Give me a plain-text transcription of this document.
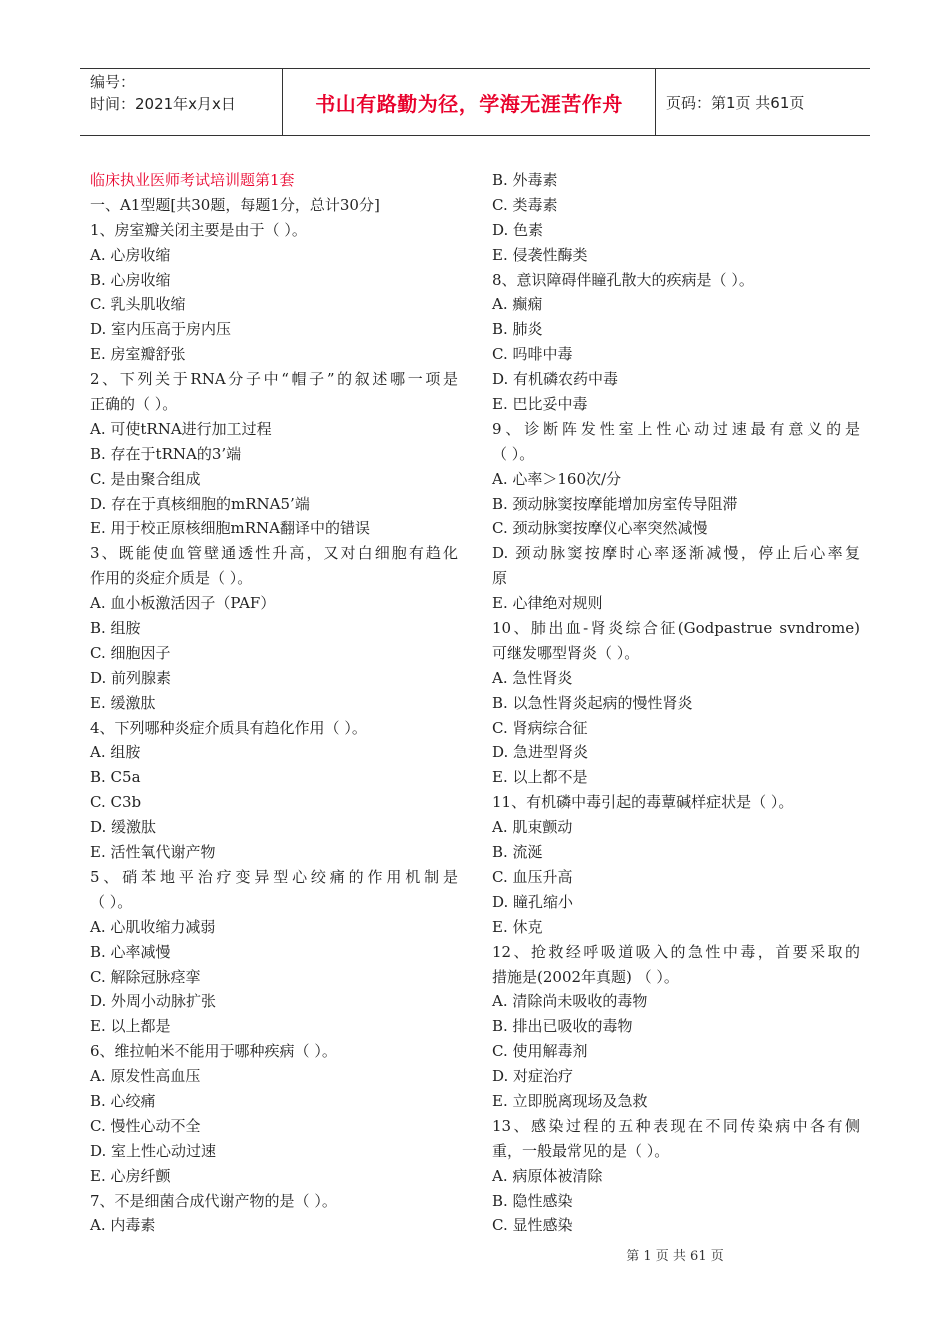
编号：
时间：2021年x月x日	书山有路勤为径，学海无涯苦作舟	页码：第1页 共61页
临床执业医师考试培训题第1套
一、A1型题[共30题，每题1分，总计30分]
1、房室瓣关闭主要是由于（ ）。
A. 心房收缩
B. 心房收缩
C. 乳头肌收缩
D. 室内压高于房内压
E. 房室瓣舒张
2、下列关于RNA分子中“帽子”的叙述哪一项是
正确的（ ）。
A. 可使tRNA进行加工过程
B. 存在于tRNA的3’端
C. 是由聚合组成
D. 存在于真核细胞的mRNA5’端
E. 用于校正原核细胞mRNA翻译中的错误
3、既能使血管壁通透性升高，又对白细胞有趋化
作用的炎症介质是（ ）。
A. 血小板激活因子（PAF）
B. 组胺
C. 细胞因子
D. 前列腺素
E. 缓激肽
4、下列哪种炎症介质具有趋化作用（ ）。
A. 组胺
B. C5a
C. C3b
D. 缓激肽
E. 活性氧代谢产物
5、硝苯地平治疗变异型心绞痛的作用机制是
（ ）。
A. 心肌收缩力减弱
B. 心率减慢
C. 解除冠脉痉挛
D. 外周小动脉扩张
E. 以上都是
6、维拉帕米不能用于哪种疾病（ ）。
A. 原发性高血压
B. 心绞痛
C. 慢性心动不全
D. 室上性心动过速
E. 心房纤颤
7、不是细菌合成代谢产物的是（ ）。
A. 内毒素
B. 外毒素
C. 类毒素
D. 色素
E. 侵袭性酶类
8、意识障碍伴瞳孔散大的疾病是（ ）。
A. 癫痫
B. 肺炎
C. 吗啡中毒
D. 有机磷农药中毒
E. 巴比妥中毒
9、诊断阵发性室上性心动过速最有意义的是
（ ）。
A. 心率＞160次/分
B. 颈动脉窦按摩能增加房室传导阻滞
C. 颈动脉窦按摩仪心率突然减慢
D. 颈动脉窦按摩时心率逐渐减慢，停止后心率复
原
E. 心律绝对规则
10、肺出血-肾炎综合征(Godpastrue svndrome)
可继发哪型肾炎（ ）。
A. 急性肾炎
B. 以急性肾炎起病的慢性肾炎
C. 肾病综合征
D. 急进型肾炎
E. 以上都不是
11、有机磷中毒引起的毒蕈碱样症状是（ ）。
A. 肌束颤动
B. 流涎
C. 血压升高
D. 瞳孔缩小
E. 休克
12、抢救经呼吸道吸入的急性中毒，首要采取的
措施是(2002年真题) （ ）。
A. 清除尚未吸收的毒物
B. 排出已吸收的毒物
C. 使用解毒剂
D. 对症治疗
E. 立即脱离现场及急救
13、感染过程的五种表现在不同传染病中各有侧
重，一般最常见的是（ ）。
A. 病原体被清除
B. 隐性感染
C. 显性感染
第 1 页 共 61 页
